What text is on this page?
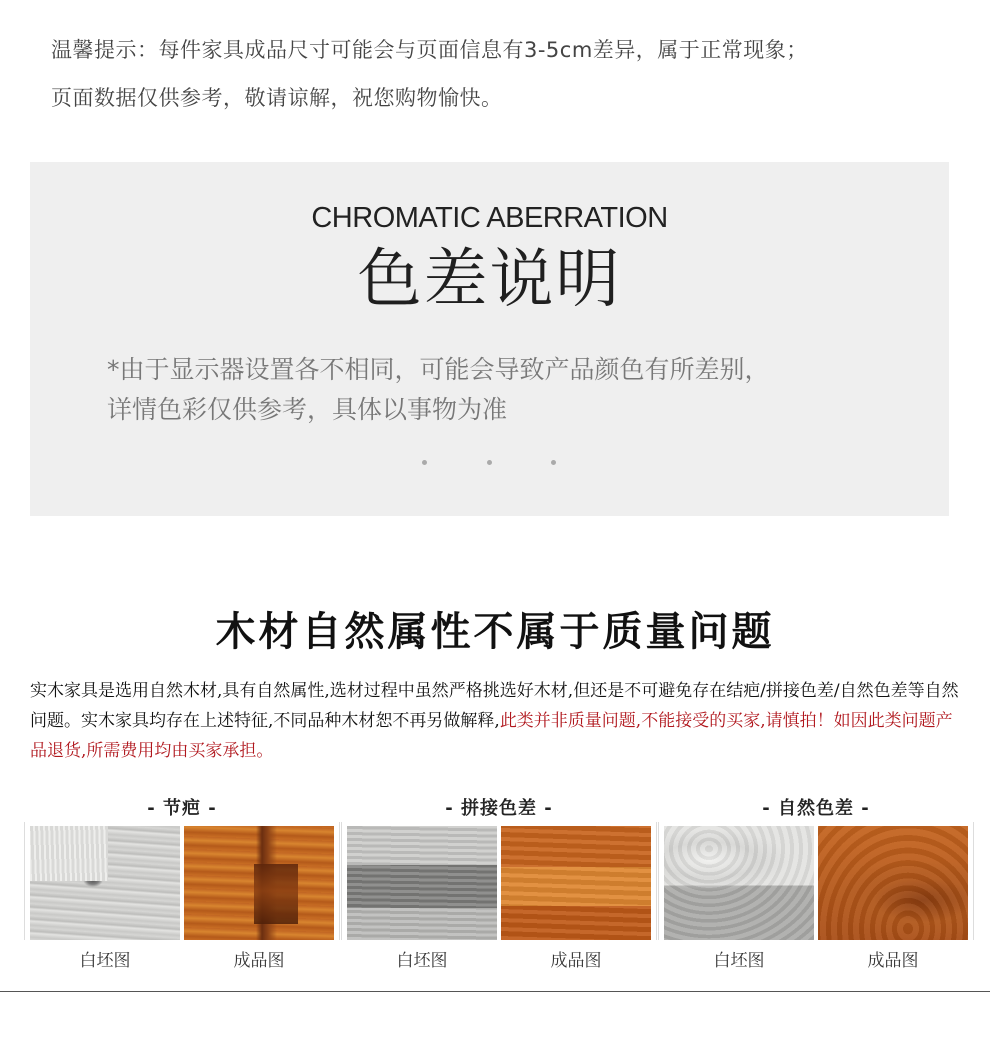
温馨提示：每件家具成品尺寸可能会与页面信息有3-5cm差异，属于正常现象；
页面数据仅供参考，敬请谅解，祝您购物愉快。
CHROMATIC ABERRATION
色差说明
*由于显示器设置各不相同，可能会导致产品颜色有所差别，
详情色彩仅供参考，具体以事物为准
木材自然属性不属于质量问题
实木家具是选用自然木材,具有自然属性,选材过程中虽然严格挑选好木材,但还是不可避免存在结疤/拼接色差/自然色差等自然问题。实木家具均存在上述特征,不同品种木材恕不再另做解释,此类并非质量问题,不能接受的买家,请慎拍！如因此类问题产品退货,所需费用均由买家承担。
- 节疤 -
白坯图	成品图
- 拼接色差 -
白坯图	成品图
- 自然色差 -
白坯图	成品图
